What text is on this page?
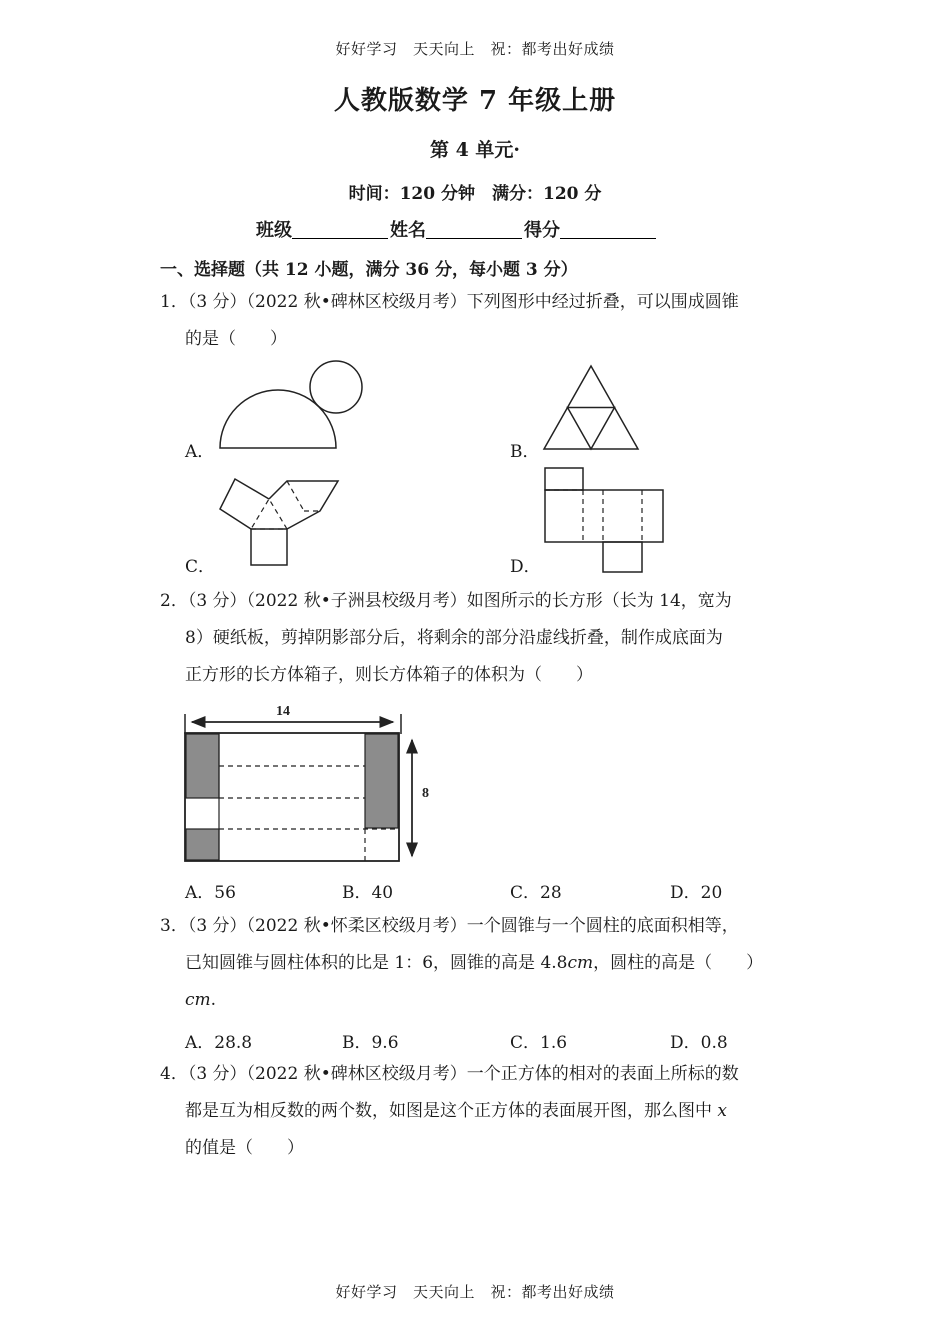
好好学习　天天向上　祝：都考出好成绩
人教版数学 7 年级上册
第 4 单元·
时间：120 分钟　满分：120 分
班级	姓名	得分
一、选择题（共 12 小题，满分 36 分，每小题 3 分）
1．（3 分）（2022 秋•碑林区校级月考）下列图形中经过折叠，可以围成圆锥
的是（　　）
A．	B．
C．	D．
2．（3 分）（2022 秋•子洲县校级月考）如图所示的长方形（长为 14，宽为
8）硬纸板，剪掉阴影部分后，将剩余的部分沿虚线折叠，制作成底面为
正方形的长方体箱子，则长方体箱子的体积为（　　）
14
8
A．56	B．40	C．28	D．20
3．（3 分）（2022 秋•怀柔区校级月考）一个圆锥与一个圆柱的底面积相等，
已知圆锥与圆柱体积的比是 1：6，圆锥的高是 4.8cm，圆柱的高是（　　）
cm.
A．28.8	B．9.6	C．1.6	D．0.8
4．（3 分）（2022 秋•碑林区校级月考）一个正方体的相对的表面上所标的数
都是互为相反数的两个数，如图是这个正方体的表面展开图，那么图中 x
的值是（　　）
好好学习　天天向上　祝：都考出好成绩
